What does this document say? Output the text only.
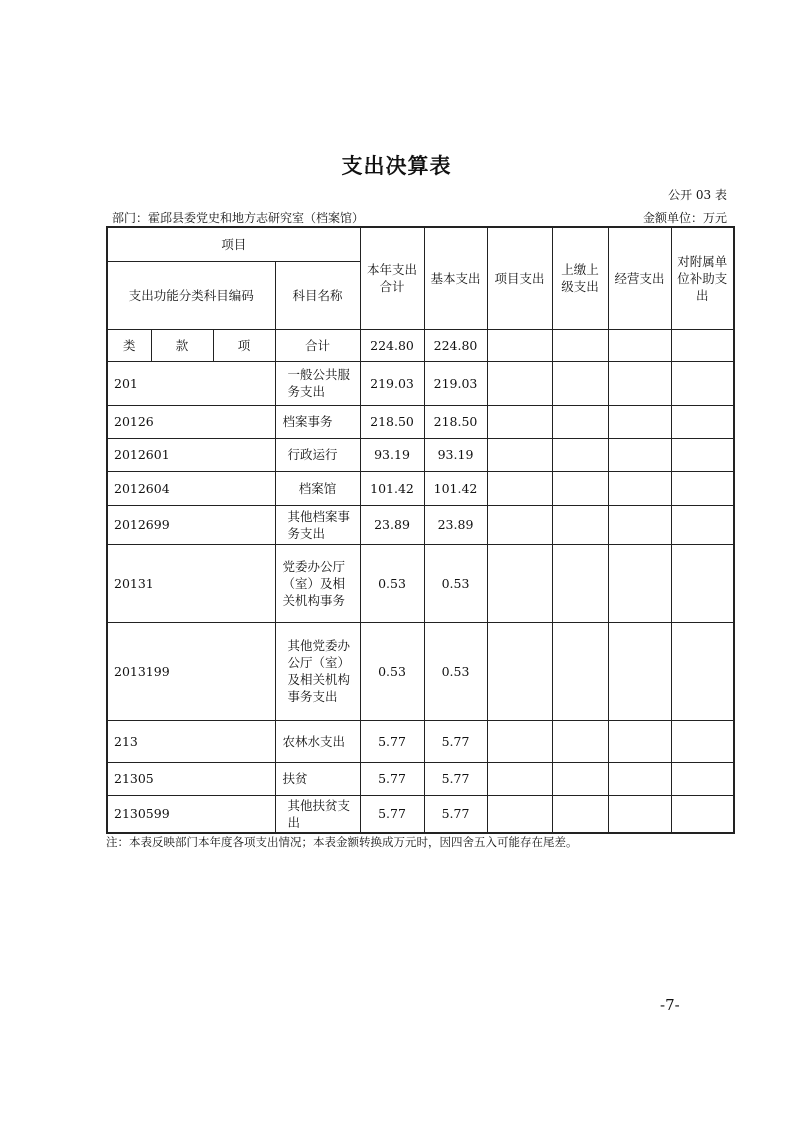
支出决算表
公开 03 表
部门：霍邱县委党史和地方志研究室（档案馆）	金额单位：万元
项目				本年支出合计	基本支出	项目支出	上缴上级支出	经营支出	对附属单位补助支出
支出功能分类科目编码			科目名称						
类	款	项	合计	224.80	224.80				
201			一般公共服务支出	219.03	219.03				
20126			档案事务	218.50	218.50				
2012601			行政运行	93.19	93.19				
2012604			档案馆	101.42	101.42				
2012699			其他档案事务支出	23.89	23.89				
20131			党委办公厅（室）及相关机构事务	0.53	0.53				
2013199			其他党委办公厅（室）及相关机构事务支出	0.53	0.53				
213			农林水支出	5.77	5.77				
21305			扶贫	5.77	5.77				
2130599			其他扶贫支出	5.77	5.77				
注：本表反映部门本年度各项支出情况；本表金额转换成万元时，因四舍五入可能存在尾差。
-7-
